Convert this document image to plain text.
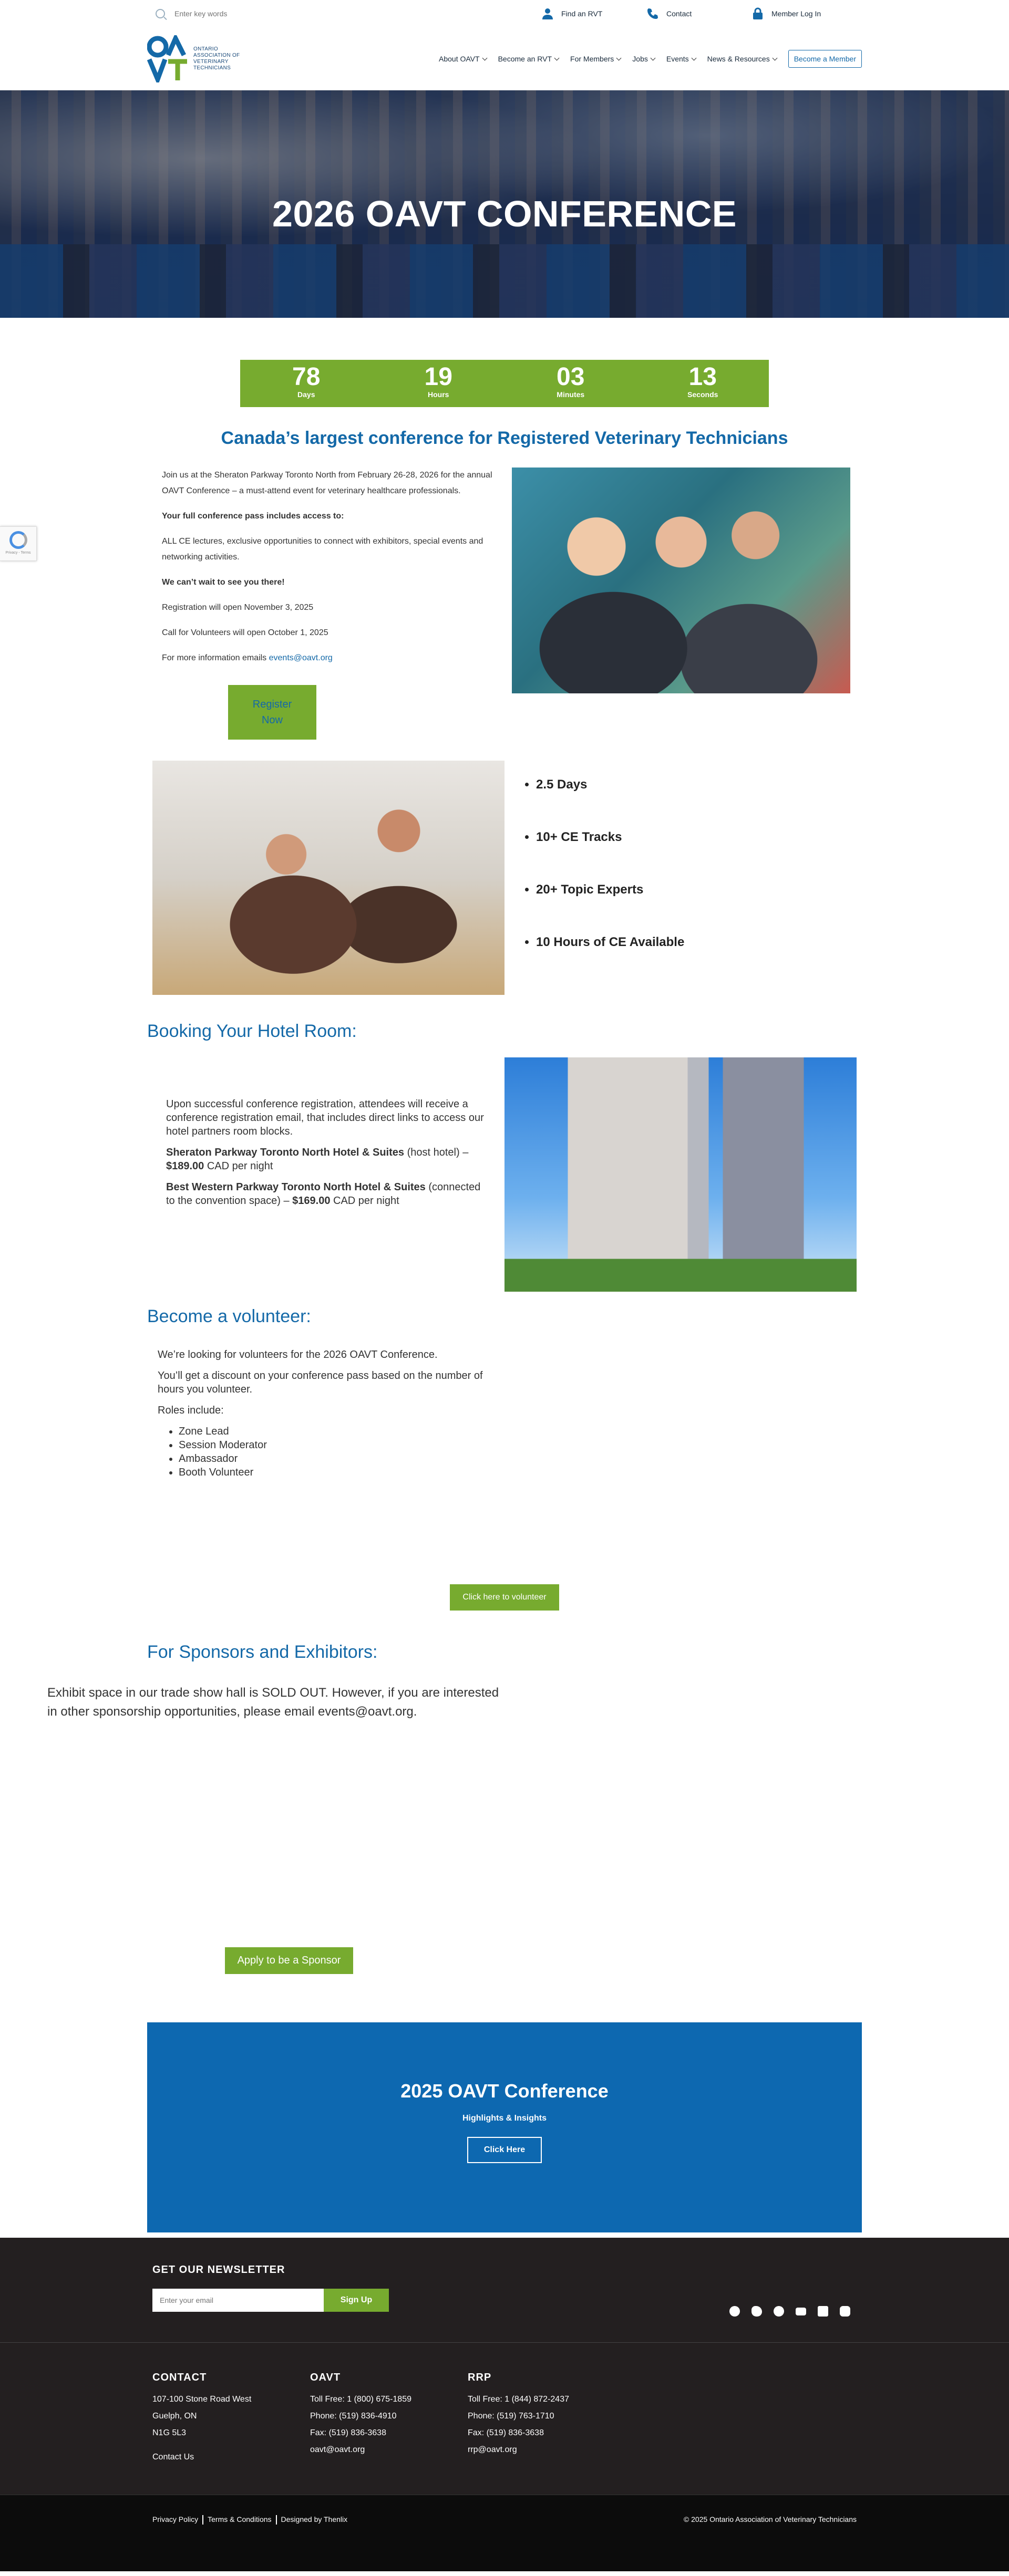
Privacy - Terms
Enter key words
Find an RVT	Contact	Member Log In
ONTARIO ASSOCIATION OF VETERINARY TECHNICIANS
About OAVT	Become an RVT	For Members	Jobs	Events	News & Resources	Become a Member
2026 OAVT CONFERENCE
78
Days
19
Hours
03
Minutes
13
Seconds
Canada’s largest conference for Registered Veterinary Technicians

Join us at the Sheraton Parkway Toronto North from February 26-28, 2026 for the annual OAVT Conference – a must-attend event for veterinary healthcare professionals.

Your full conference pass includes access to:

ALL CE lectures, exclusive opportunities to connect with exhibitors, special events and networking activities.

We can’t wait to see you there!

Registration will open November 3, 2025

Call for Volunteers will open October 1, 2025

For more information emails events@oavt.org

Register Now
• 2.5 Days
• 10+ CE Tracks
• 20+ Topic Experts
• 10 Hours of CE Available
Booking Your Hotel Room:

Upon successful conference registration, attendees will receive a conference registration email, that includes direct links to access our hotel partners room blocks.

Sheraton Parkway Toronto North Hotel & Suites (host hotel) – $189.00 CAD per night

Best Western Parkway Toronto North Hotel & Suites (connected to the convention space) – $169.00 CAD per night

Become a volunteer:

We’re looking for volunteers for the 2026 OAVT Conference.

You’ll get a discount on your conference pass based on the number of hours you volunteer.

Roles include:

• Zone Lead
• Session Moderator
• Ambassador
• Booth Volunteer
Click here to volunteer
For Sponsors and Exhibitors:

Exhibit space in our trade show hall is SOLD OUT. However, if you are interested in other sponsorship opportunities, please email events@oavt.org.

Apply to be a Sponsor
2025 OAVT Conference
Highlights & Insights
Click Here
GET OUR NEWSLETTER
Enter your email
Sign Up
CONTACT
107-100 Stone Road West
Guelph, ON
N1G 5L3
Contact Us
OAVT
Toll Free: 1 (800) 675-1859
Phone: (519) 836-4910
Fax: (519) 836-3638
oavt@oavt.org
RRP
Toll Free: 1 (844) 872-2437
Phone: (519) 763-1710
Fax: (519) 836-3638
rrp@oavt.org
Privacy Policy Terms & Conditions Designed by Thenlix	© 2025 Ontario Association of Veterinary Technicians
